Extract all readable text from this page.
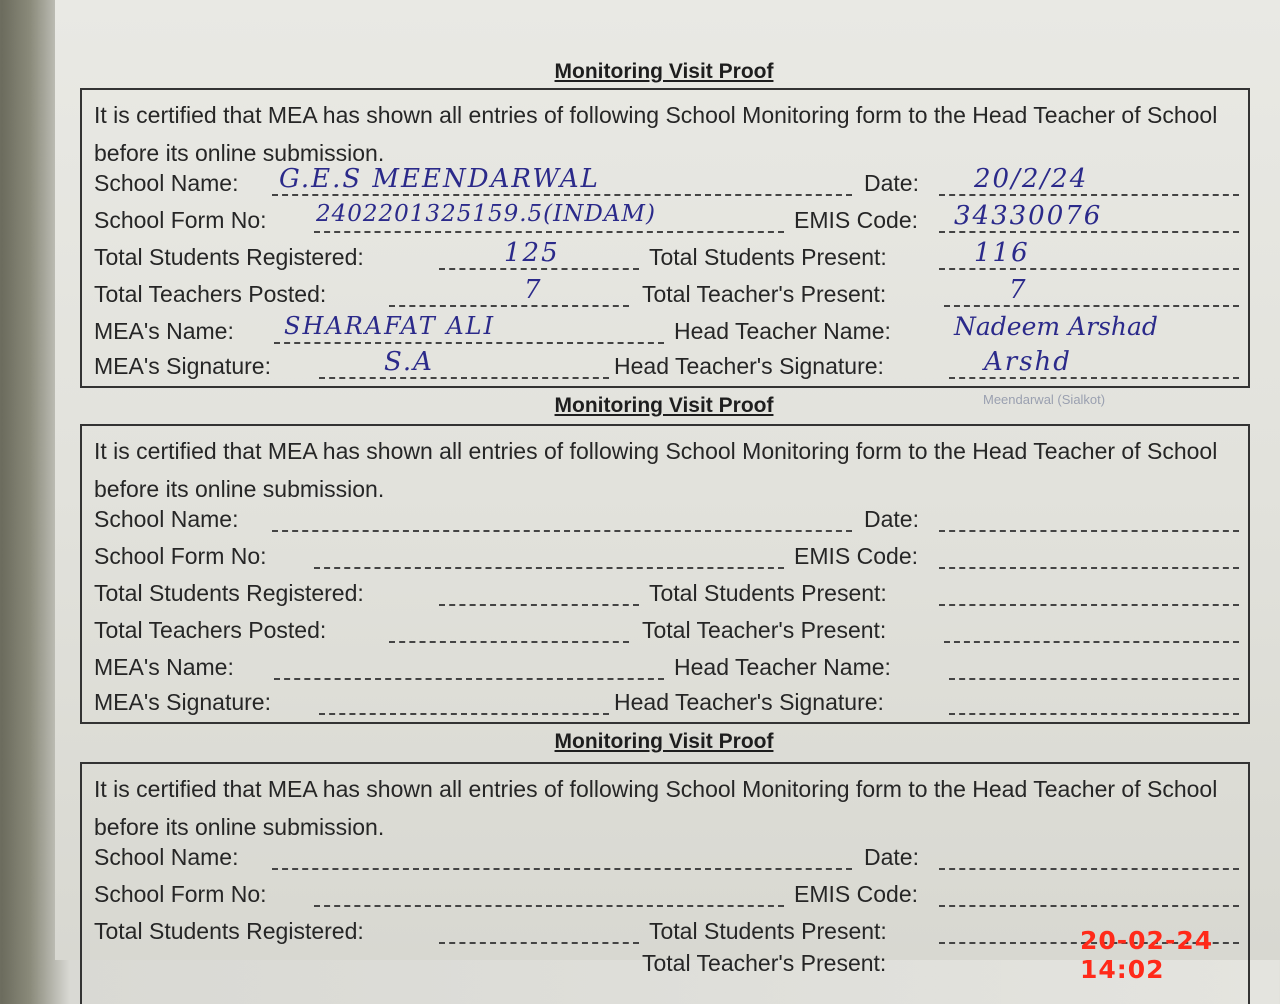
Monitoring Visit Proof
It is certified that MEA has shown all entries of following School Monitoring form to the Head Teacher of School before its online submission.
School Name: G.E.S MEENDARWAL	Date: 20/2/24
School Form No: 2402201325159.5(INDAM)	EMIS Code: 34330076
Total Students Registered:	125	Total Students Present:	116
Total Teachers Posted:	7	Total Teacher's Present:	7
MEA's Name: SHARAFAT ALI	Head Teacher Name:	Nadeem Arshad
MEA's Signature:	S.A	Head Teacher's Signature:	Arshd
Meendarwal (Sialkot)
Monitoring Visit Proof
It is certified that MEA has shown all entries of following School Monitoring form to the Head Teacher of School before its online submission.
School Name:	Date:
School Form No:	EMIS Code:
Total Students Registered:	Total Students Present:
Total Teachers Posted:	Total Teacher's Present:
MEA's Name:	Head Teacher Name:
MEA's Signature:	Head Teacher's Signature:
Monitoring Visit Proof
It is certified that MEA has shown all entries of following School Monitoring form to the Head Teacher of School before its online submission.
School Name:	Date:
School Form No:	EMIS Code:
Total Students Registered:	Total Students Present:
Total Teacher's Present:
20-02-24 14:02
